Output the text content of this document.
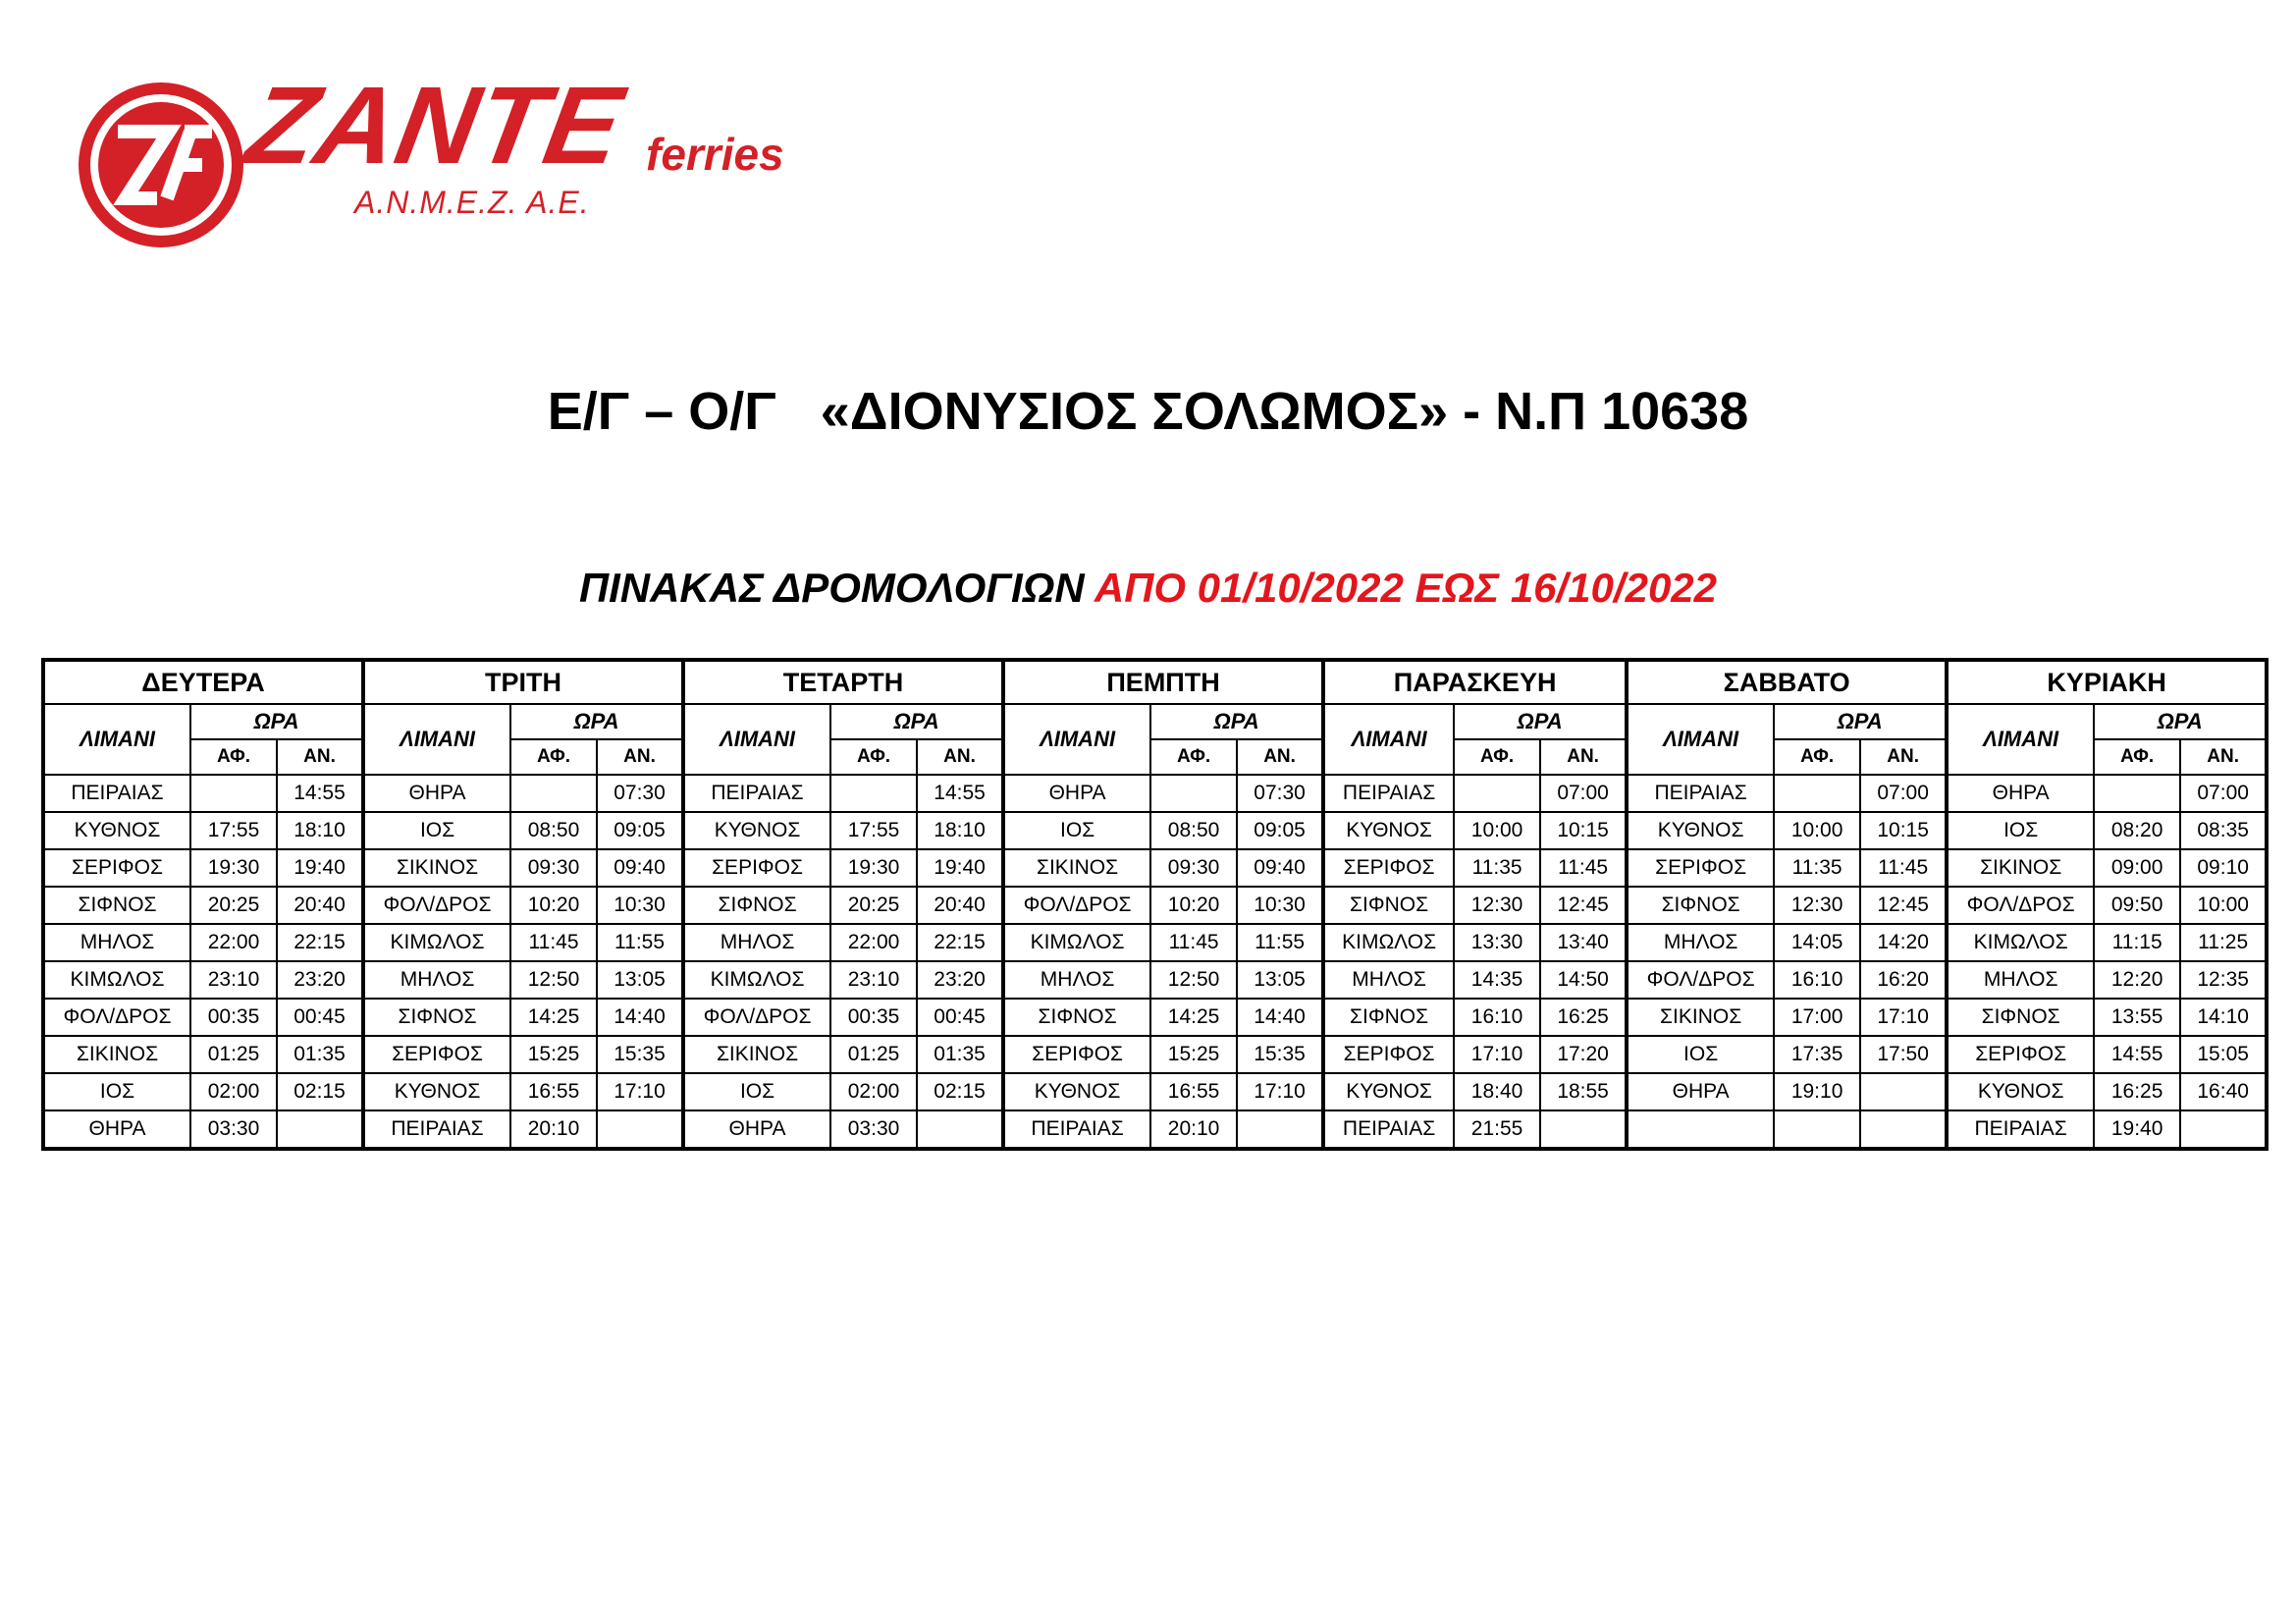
ZANTE ferries
Α.Ν.Μ.Ε.Ζ. Α.Ε.
Ε/Γ – Ο/Γ   «ΔΙΟΝΥΣΙΟΣ ΣΟΛΩΜΟΣ» - Ν.Π 10638
ΠΙΝΑΚΑΣ ΔΡΟΜΟΛΟΓΙΩΝ ΑΠΟ 01/10/2022 ΕΩΣ 16/10/2022
ΔΕΥΤΕΡΑ			ΤΡΙΤΗ			ΤΕΤΑΡΤΗ			ΠΕΜΠΤΗ			ΠΑΡΑΣΚΕΥΗ			ΣΑΒΒΑΤΟ			ΚΥΡΙΑΚΗ		
ΛΙΜΑΝΙ	ΩΡΑ		ΛΙΜΑΝΙ	ΩΡΑ		ΛΙΜΑΝΙ	ΩΡΑ		ΛΙΜΑΝΙ	ΩΡΑ		ΛΙΜΑΝΙ	ΩΡΑ		ΛΙΜΑΝΙ	ΩΡΑ		ΛΙΜΑΝΙ	ΩΡΑ	
	ΑΦ.	ΑΝ.		ΑΦ.	ΑΝ.		ΑΦ.	ΑΝ.		ΑΦ.	ΑΝ.		ΑΦ.	ΑΝ.		ΑΦ.	ΑΝ.		ΑΦ.	ΑΝ.
ΠΕΙΡΑΙΑΣ		14:55	ΘΗΡΑ		07:30	ΠΕΙΡΑΙΑΣ		14:55	ΘΗΡΑ		07:30	ΠΕΙΡΑΙΑΣ		07:00	ΠΕΙΡΑΙΑΣ		07:00	ΘΗΡΑ		07:00
ΚΥΘΝΟΣ	17:55	18:10	ΙΟΣ	08:50	09:05	ΚΥΘΝΟΣ	17:55	18:10	ΙΟΣ	08:50	09:05	ΚΥΘΝΟΣ	10:00	10:15	ΚΥΘΝΟΣ	10:00	10:15	ΙΟΣ	08:20	08:35
ΣΕΡΙΦΟΣ	19:30	19:40	ΣΙΚΙΝΟΣ	09:30	09:40	ΣΕΡΙΦΟΣ	19:30	19:40	ΣΙΚΙΝΟΣ	09:30	09:40	ΣΕΡΙΦΟΣ	11:35	11:45	ΣΕΡΙΦΟΣ	11:35	11:45	ΣΙΚΙΝΟΣ	09:00	09:10
ΣΙΦΝΟΣ	20:25	20:40	ΦΟΛ/ΔΡΟΣ	10:20	10:30	ΣΙΦΝΟΣ	20:25	20:40	ΦΟΛ/ΔΡΟΣ	10:20	10:30	ΣΙΦΝΟΣ	12:30	12:45	ΣΙΦΝΟΣ	12:30	12:45	ΦΟΛ/ΔΡΟΣ	09:50	10:00
ΜΗΛΟΣ	22:00	22:15	ΚΙΜΩΛΟΣ	11:45	11:55	ΜΗΛΟΣ	22:00	22:15	ΚΙΜΩΛΟΣ	11:45	11:55	ΚΙΜΩΛΟΣ	13:30	13:40	ΜΗΛΟΣ	14:05	14:20	ΚΙΜΩΛΟΣ	11:15	11:25
ΚΙΜΩΛΟΣ	23:10	23:20	ΜΗΛΟΣ	12:50	13:05	ΚΙΜΩΛΟΣ	23:10	23:20	ΜΗΛΟΣ	12:50	13:05	ΜΗΛΟΣ	14:35	14:50	ΦΟΛ/ΔΡΟΣ	16:10	16:20	ΜΗΛΟΣ	12:20	12:35
ΦΟΛ/ΔΡΟΣ	00:35	00:45	ΣΙΦΝΟΣ	14:25	14:40	ΦΟΛ/ΔΡΟΣ	00:35	00:45	ΣΙΦΝΟΣ	14:25	14:40	ΣΙΦΝΟΣ	16:10	16:25	ΣΙΚΙΝΟΣ	17:00	17:10	ΣΙΦΝΟΣ	13:55	14:10
ΣΙΚΙΝΟΣ	01:25	01:35	ΣΕΡΙΦΟΣ	15:25	15:35	ΣΙΚΙΝΟΣ	01:25	01:35	ΣΕΡΙΦΟΣ	15:25	15:35	ΣΕΡΙΦΟΣ	17:10	17:20	ΙΟΣ	17:35	17:50	ΣΕΡΙΦΟΣ	14:55	15:05
ΙΟΣ	02:00	02:15	ΚΥΘΝΟΣ	16:55	17:10	ΙΟΣ	02:00	02:15	ΚΥΘΝΟΣ	16:55	17:10	ΚΥΘΝΟΣ	18:40	18:55	ΘΗΡΑ	19:10		ΚΥΘΝΟΣ	16:25	16:40
ΘΗΡΑ	03:30		ΠΕΙΡΑΙΑΣ	20:10		ΘΗΡΑ	03:30		ΠΕΙΡΑΙΑΣ	20:10		ΠΕΙΡΑΙΑΣ	21:55					ΠΕΙΡΑΙΑΣ	19:40	
